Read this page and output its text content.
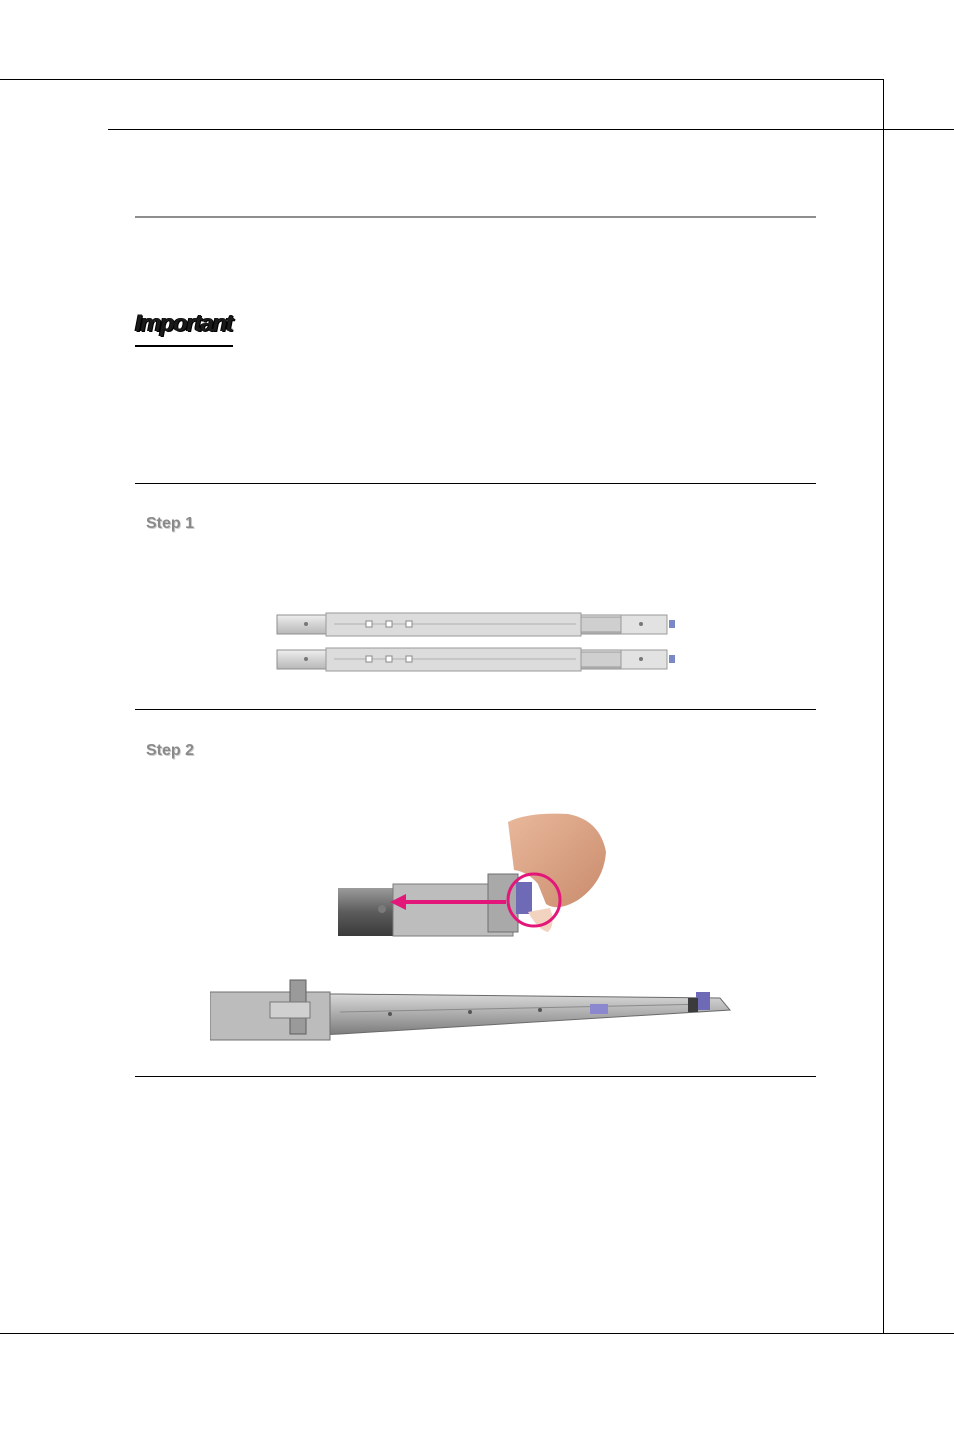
Important
Step 1
Step 2
